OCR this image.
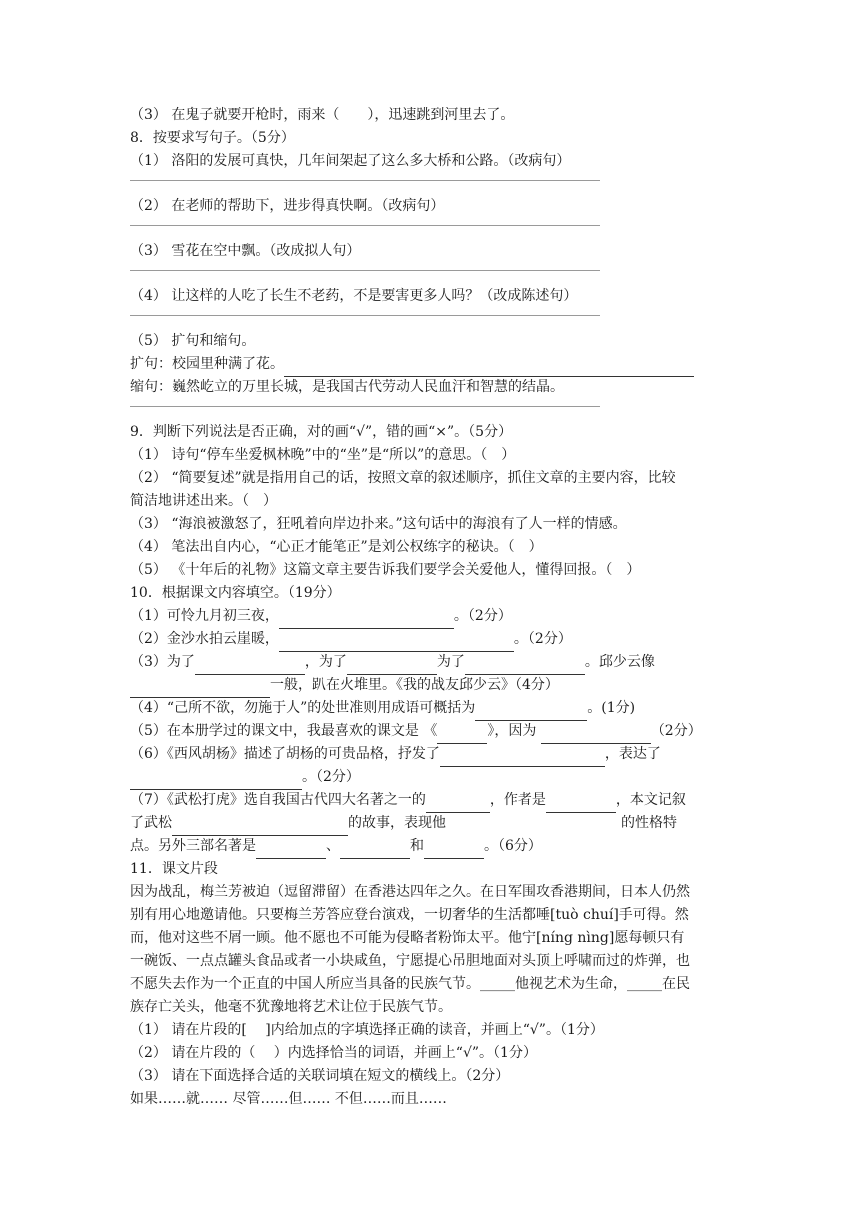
（3） 在鬼子就要开枪时，雨来（　　），迅速跳到河里去了。
8．按要求写句子。（5分）
（1） 洛阳的发展可真快，几年间架起了这么多大桥和公路。（改病句）
（2） 在老师的帮助下，进步得真快啊。（改病句）
（3） 雪花在空中飘。（改成拟人句）
（4） 让这样的人吃了长生不老药，不是要害更多人吗？（改成陈述句）
（5） 扩句和缩句。
扩句：校园里种满了花。
缩句：巍然屹立的万里长城，是我国古代劳动人民血汗和智慧的结晶。
9．判断下列说法是否正确，对的画“√”，错的画“×”。（5分）
（1） 诗句“停车坐爱枫林晚”中的“坐”是“所以”的意思。（　）
（2） “简要复述”就是指用自己的话，按照文章的叙述顺序，抓住文章的主要内容，比较
简洁地讲述出来。（　）
（3） “海浪被激怒了，狂吼着向岸边扑来。”这句话中的海浪有了人一样的情感。
（4） 笔法出自内心，“心正才能笔正”是刘公权练字的秘诀。（　）
（5） 《十年后的礼物》这篇文章主要告诉我们要学会关爱他人，懂得回报。（　）
10．根据课文内容填空。（19分）
（1）可怜九月初三夜，	。（2分）
（2）金沙水拍云崖暖，	。（2分）
（3）为了	，为了	为了	。邱少云像
一般，趴在火堆里。《我的战友邱少云》（4分）
（4）“己所不欲，勿施于人”的处世准则用成语可概括为	。(1分)
（5）在本册学过的课文中，我最喜欢的课文是 《	》，因为	（2分）
（6）《西风胡杨》描述了胡杨的可贵品格，抒发了	，表达了
。（2分）
（7）《武松打虎》选自我国古代四大名著之一的	，作者是	，本文记叙
了武松	的故事，表现他	的性格特
点。另外三部名著是	、	和	。（6分）
11．课文片段
因为战乱，梅兰芳被迫（逗留滞留）在香港达四年之久。在日军围攻香港期间，日本人仍然
别有用心地邀请他。只要梅兰芳答应登台演戏，一切奢华的生活都唾[tuò chuí]手可得。然
而，他对这些不屑一顾。他不愿也不可能为侵略者粉饰太平。他宁[níng nìng]愿每顿只有
一碗饭、一点点罐头食品或者一小块咸鱼，宁愿提心吊胆地面对头顶上呼啸而过的炸弹，也
不愿失去作为一个正直的中国人所应当具备的民族气节。_____他视艺术为生命，_____在民
族存亡关头，他毫不犹豫地将艺术让位于民族气节。
（1） 请在片段的[　 ]内给加点的字填选择正确的读音，并画上“√”。（1分）
（2） 请在片段的（　 ）内选择恰当的词语，并画上“√”。（1分）
（3） 请在下面选择合适的关联词填在短文的横线上。（2分）
如果……就…… 尽管……但…… 不但……而且……
